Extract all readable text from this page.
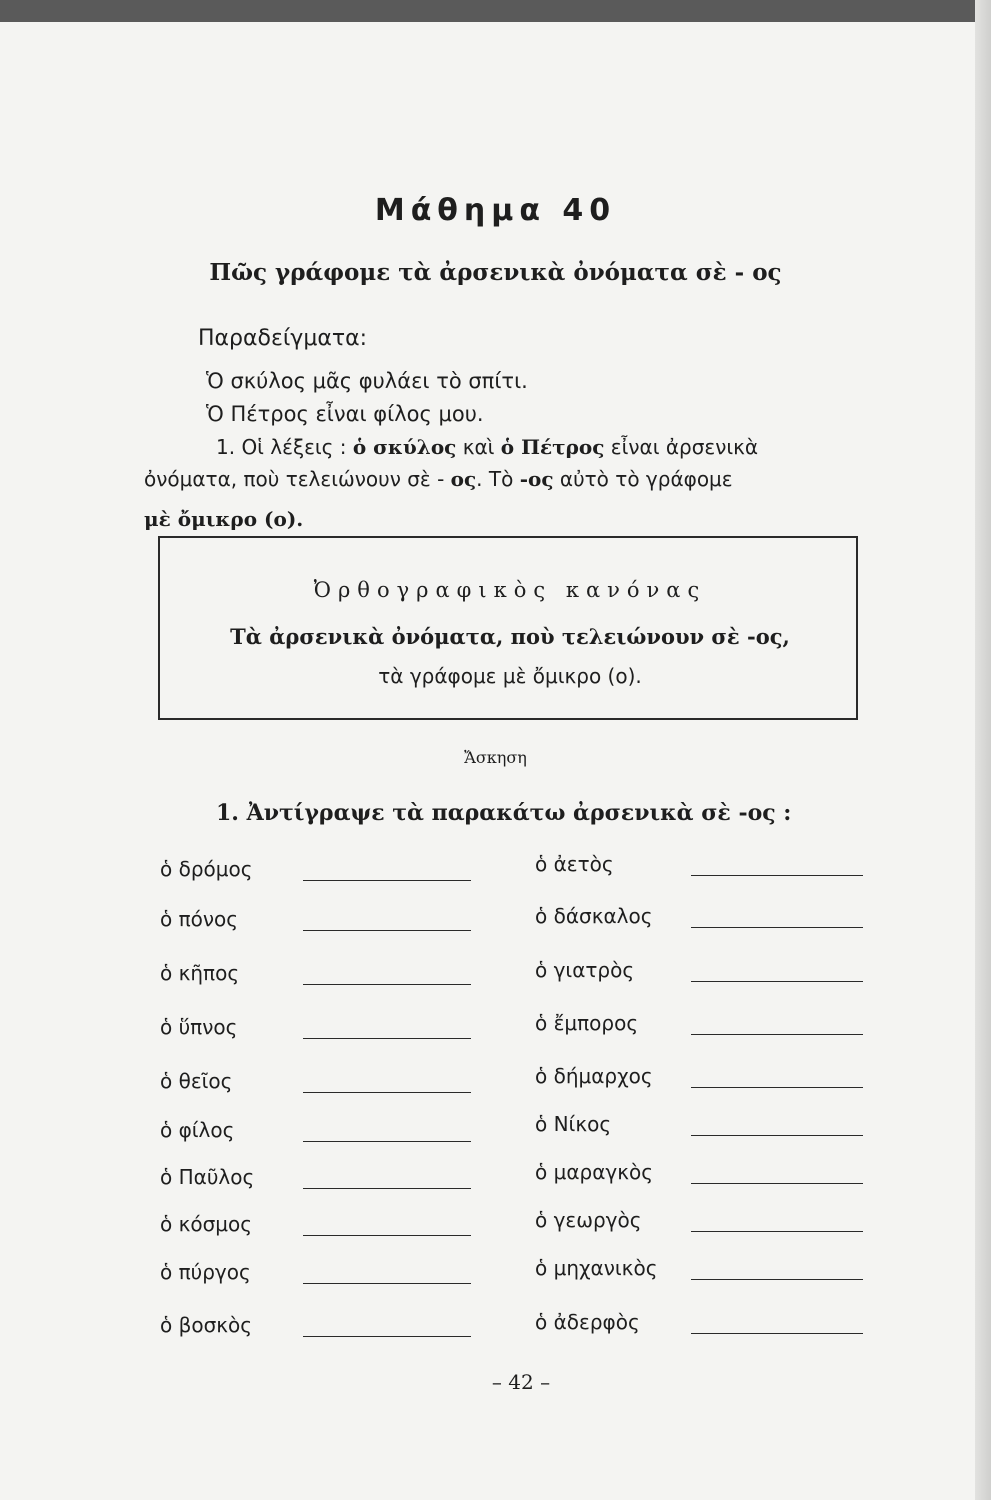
Μάθημα 40
Πῶς γράφομε τὰ ἀρσενικὰ ὀνόματα σὲ - ος
Παραδείγματα:
Ὁ σκύλος μᾶς φυλάει τὸ σπίτι.
Ὁ Πέτρος εἶναι φίλος μου.
1. Οἱ λέξεις : ὁ σκύλος καὶ ὁ Πέτρος εἶναι ἀρσενικὰ
ὀνόματα, ποὺ τελειώνουν σὲ - ος. Τὸ -ος αὐτὸ τὸ γράφομε
μὲ ὄμικρο (ο).
Ὀρθογραφικὸς κανόνας
Τὰ ἀρσενικὰ ὀνόματα, ποὺ τελειώνουν σὲ -ος,
τὰ γράφομε μὲ ὄμικρο (ο).
Ἄσκηση
1. Ἀντίγραψε τὰ παρακάτω ἀρσενικὰ σὲ -ος :
ὁ δρόμος	ὁ ἀετὸς
ὁ πόνος	ὁ δάσκαλος
ὁ κῆπος	ὁ γιατρὸς
ὁ ὕπνος	ὁ ἔμπορος
ὁ θεῖος	ὁ δήμαρχος
ὁ φίλος	ὁ Νίκος
ὁ Παῦλος	ὁ μαραγκὸς
ὁ κόσμος	ὁ γεωργὸς
ὁ πύργος	ὁ μηχανικὸς
ὁ βοσκὸς	ὁ ἀδερφὸς
– 42 –
